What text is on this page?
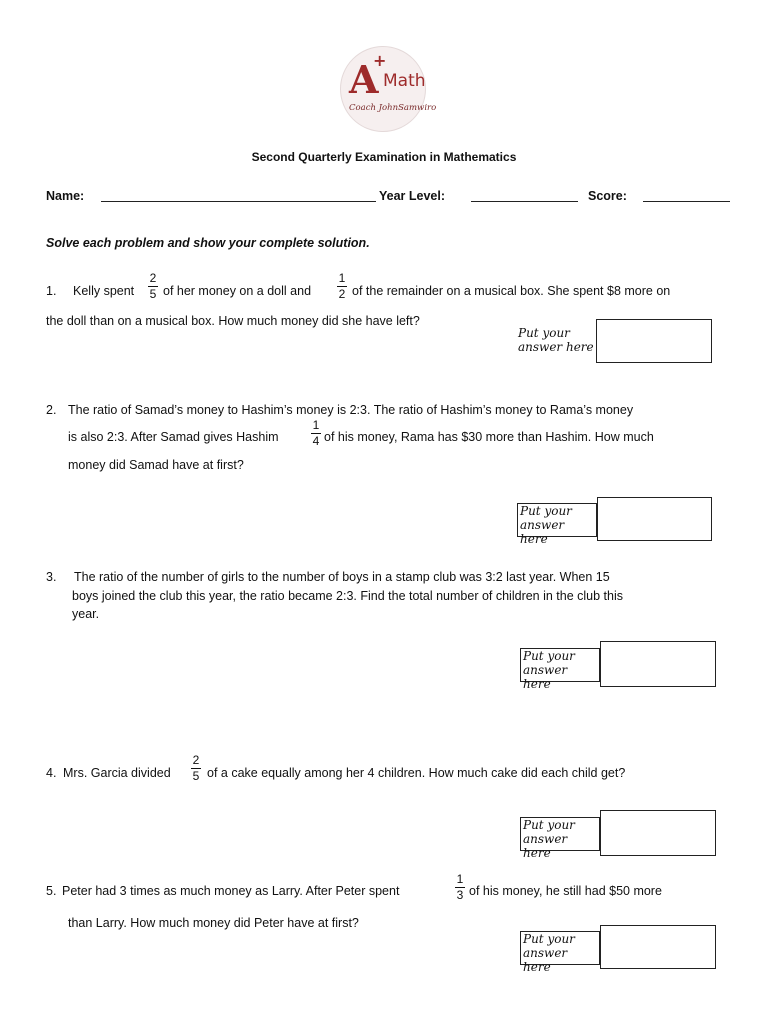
A
+
Math
Coach JohnSamwiro
Second Quarterly Examination in Mathematics
Name:	Year Level:	Score:
Solve each problem and show your complete solution.
1. Kelly spent
2
5 of her money on a doll and
1
2 of the remainder on a musical box. She spent $8 more on
the doll than on a musical box. How much money did she have left?
Put your
answer here
2. The ratio of Samad’s money to Hashim’s money is 2:3. The ratio of Hashim’s money to Rama’s money
is also 2:3. After Samad gives Hashim
1
4 of his money, Rama has $30 more than Hashim. How much
money did Samad have at first?
Put your
answer here
3. The ratio of the number of girls to the number of boys in a stamp club was 3:2 last year. When 15
boys joined the club this year, the ratio became 2:3. Find the total number of children in the club this
year.
Put your
answer here
4. Mrs. Garcia divided
2
5 of a cake equally among her 4 children. How much cake did each child get?
Put your
answer here
5. Peter had 3 times as much money as Larry. After Peter spent
1
3 of his money, he still had $50 more
than Larry. How much money did Peter have at first?
Put your
answer here
